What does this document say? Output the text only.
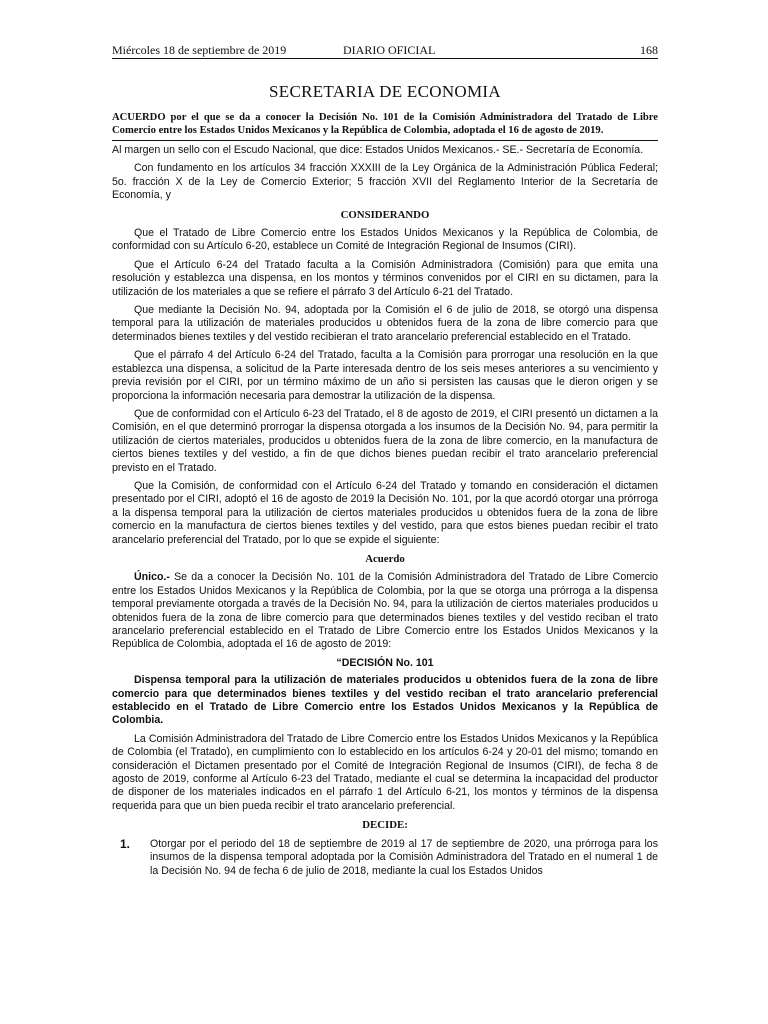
Miércoles 18 de septiembre de 2019	DIARIO OFICIAL	168
SECRETARIA DE ECONOMIA
ACUERDO por el que se da a conocer la Decisión No. 101 de la Comisión Administradora del Tratado de Libre Comercio entre los Estados Unidos Mexicanos y la República de Colombia, adoptada el 16 de agosto de 2019.

Al margen un sello con el Escudo Nacional, que dice: Estados Unidos Mexicanos.- SE.- Secretaría de Economía.

Con fundamento en los artículos 34 fracción XXXIII de la Ley Orgánica de la Administración Pública Federal; 5o. fracción X de la Ley de Comercio Exterior; 5 fracción XVII del Reglamento Interior de la Secretaría de Economía, y

CONSIDERANDO

Que el Tratado de Libre Comercio entre los Estados Unidos Mexicanos y la República de Colombia, de conformidad con su Artículo 6-20, establece un Comité de Integración Regional de Insumos (CIRI).

Que el Artículo 6-24 del Tratado faculta a la Comisión Administradora (Comisión) para que emita una resolución y establezca una dispensa, en los montos y términos convenidos por el CIRI en su dictamen, para la utilización de los materiales a que se refiere el párrafo 3 del Artículo 6-21 del Tratado.

Que mediante la Decisión No. 94, adoptada por la Comisión el 6 de julio de 2018, se otorgó una dispensa temporal para la utilización de materiales producidos u obtenidos fuera de la zona de libre comercio para que determinados bienes textiles y del vestido recibieran el trato arancelario preferencial establecido en el Tratado.

Que el párrafo 4 del Artículo 6-24 del Tratado, faculta a la Comisión para prorrogar una resolución en la que establezca una dispensa, a solicitud de la Parte interesada dentro de los seis meses anteriores a su vencimiento y previa revisión por el CIRI, por un término máximo de un año si persisten las causas que le dieron origen y se proporciona la información necesaria para demostrar la utilización de la dispensa.

Que de conformidad con el Artículo 6-23 del Tratado, el 8 de agosto de 2019, el CIRI presentó un dictamen a la Comisión, en el que determinó prorrogar la dispensa otorgada a los insumos de la Decisión No. 94, para permitir la utilización de ciertos materiales, producidos u obtenidos fuera de la zona de libre comercio, en la manufactura de ciertos bienes textiles y del vestido, a fin de que dichos bienes puedan recibir el trato arancelario preferencial previsto en el Tratado.

Que la Comisión, de conformidad con el Artículo 6-24 del Tratado y tomando en consideración el dictamen presentado por el CIRI, adoptó el 16 de agosto de 2019 la Decisión No. 101, por la que acordó otorgar una prórroga a la dispensa temporal para la utilización de ciertos materiales producidos u obtenidos fuera de la zona de libre comercio en la manufactura de ciertos bienes textiles y del vestido, para que estos bienes puedan recibir el trato arancelario preferencial del Tratado, por lo que se expide el siguiente:

Acuerdo

Único.- Se da a conocer la Decisión No. 101 de la Comisión Administradora del Tratado de Libre Comercio entre los Estados Unidos Mexicanos y la República de Colombia, por la que se otorga una prórroga a la dispensa temporal previamente otorgada a través de la Decisión No. 94, para la utilización de ciertos materiales producidos u obtenidos fuera de la zona de libre comercio para que determinados bienes textiles y del vestido reciban el trato arancelario preferencial establecido en el Tratado de Libre Comercio entre los Estados Unidos Mexicanos y la República de Colombia, adoptada el 16 de agosto de 2019:

“DECISIÓN No. 101

Dispensa temporal para la utilización de materiales producidos u obtenidos fuera de la zona de libre comercio para que determinados bienes textiles y del vestido reciban el trato arancelario preferencial establecido en el Tratado de Libre Comercio entre los Estados Unidos Mexicanos y la República de Colombia.

La Comisión Administradora del Tratado de Libre Comercio entre los Estados Unidos Mexicanos y la República de Colombia (el Tratado), en cumplimiento con lo establecido en los artículos 6-24 y 20-01 del mismo; tomando en consideración el Dictamen presentado por el Comité de Integración Regional de Insumos (CIRI), de fecha 8 de agosto de 2019, conforme al Artículo 6-23 del Tratado, mediante el cual se determina la incapacidad del productor de disponer de los materiales indicados en el párrafo 1 del Artículo 6-21, los montos y términos de la dispensa requerida para que un bien pueda recibir el trato arancelario preferencial.

DECIDE:
1. Otorgar por el periodo del 18 de septiembre de 2019 al 17 de septiembre de 2020, una prórroga para los insumos de la dispensa temporal adoptada por la Comisión Administradora del Tratado en el numeral 1 de la Decisión No. 94 de fecha 6 de julio de 2018, mediante la cual los Estados Unidos
